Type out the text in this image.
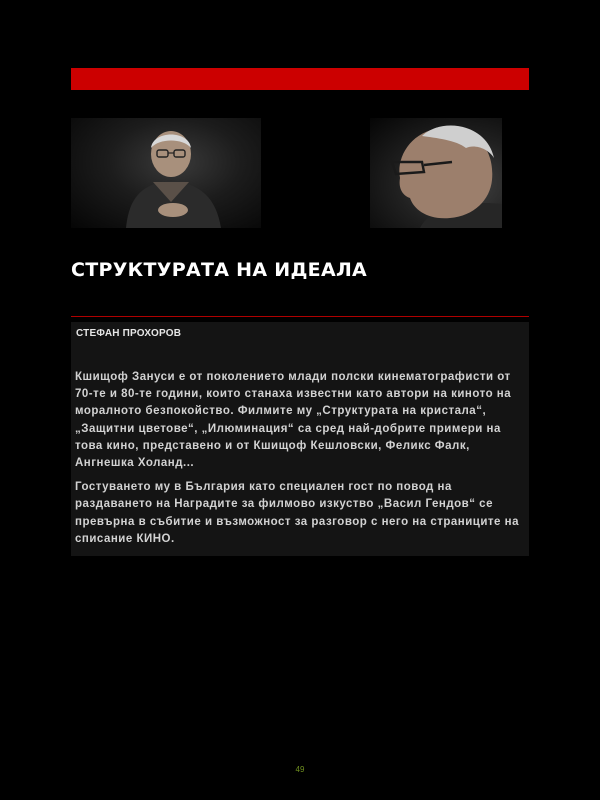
СТРУКТУРАТА НА ИДЕАЛА

СТЕФАН ПРОХОРОВ

Кшищоф Зануси е от поколението млади полски кинематографисти от 70-те и 80-те години, които станаха известни като автори на киното на моралното безпокойство. Филмите му „Структурата на кристала“, „Защитни цветове“, „Илюминация“ са сред най-добрите примери на това кино, представено и от Кшищоф Кешловски, Феликс Фалк, Ангнешка Холанд...

Гостуването му в България като специален гост по повод на раздаването на Наградите за филмово изкуство „Васил Гендов“ се превърна в събитие и възможност за разговор с него на страниците на списание КИНО.

49
